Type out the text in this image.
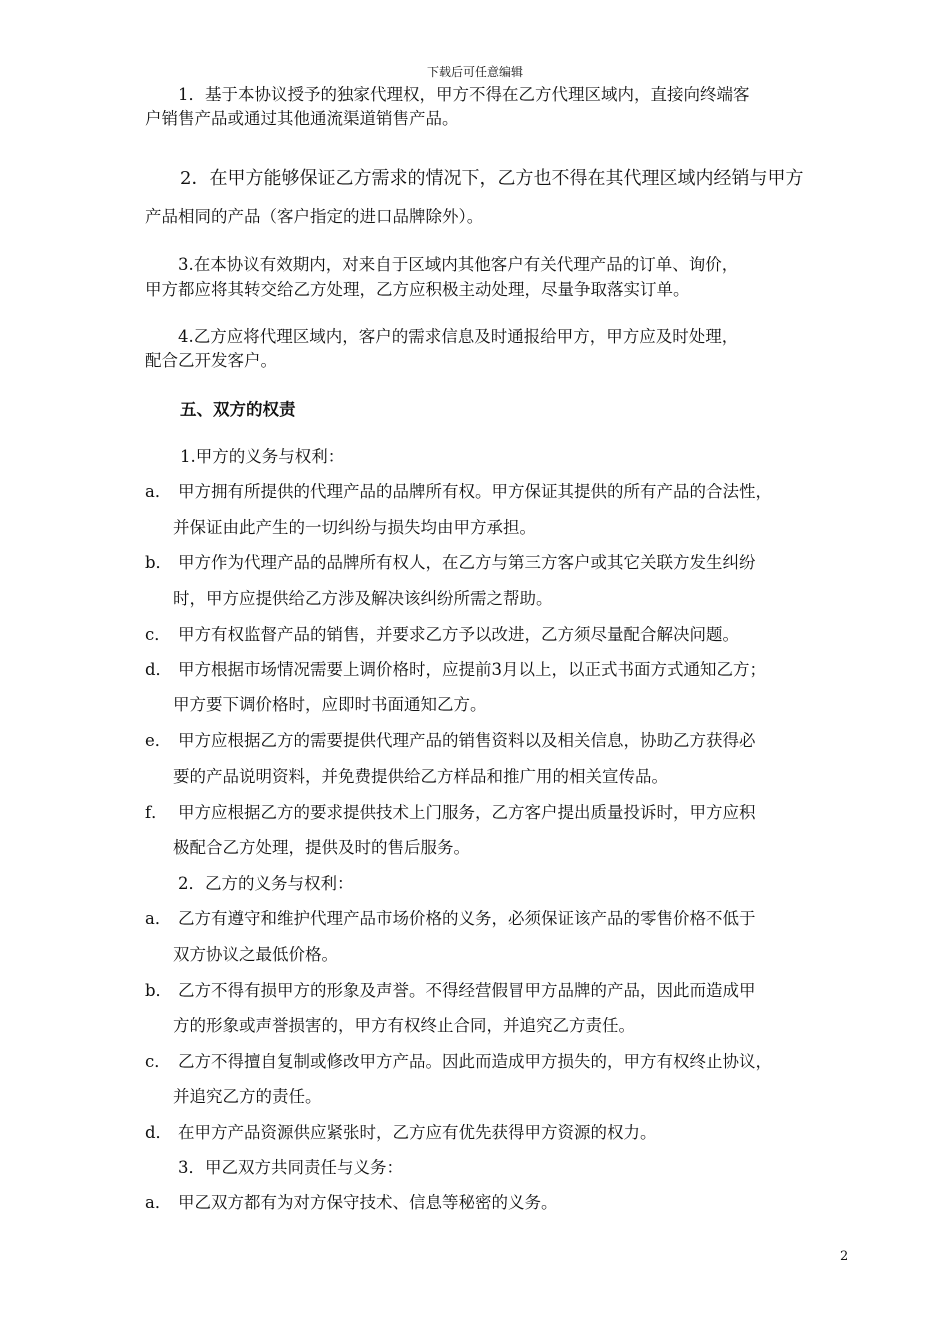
下载后可任意编辑
1．基于本协议授予的独家代理权，甲方不得在乙方代理区域内，直接向终端客
户销售产品或通过其他通流渠道销售产品。
2．在甲方能够保证乙方需求的情况下，乙方也不得在其代理区域内经销与甲方
产品相同的产品（客户指定的进口品牌除外）。
3.在本协议有效期内，对来自于区域内其他客户有关代理产品的订单、询价，
甲方都应将其转交给乙方处理，乙方应积极主动处理，尽量争取落实订单。
4.乙方应将代理区域内，客户的需求信息及时通报给甲方，甲方应及时处理，
配合乙开发客户。
五、双方的权责
1.甲方的义务与权利：
a． 甲方拥有所提供的代理产品的品牌所有权。甲方保证其提供的所有产品的合法性，
并保证由此产生的一切纠纷与损失均由甲方承担。
b． 甲方作为代理产品的品牌所有权人，在乙方与第三方客户或其它关联方发生纠纷
时，甲方应提供给乙方涉及解决该纠纷所需之帮助。
c． 甲方有权监督产品的销售，并要求乙方予以改进，乙方须尽量配合解决问题。
d． 甲方根据市场情况需要上调价格时，应提前3月以上，以正式书面方式通知乙方；
甲方要下调价格时，应即时书面通知乙方。
e． 甲方应根据乙方的需要提供代理产品的销售资料以及相关信息，协助乙方获得必
要的产品说明资料，并免费提供给乙方样品和推广用的相关宣传品。
f． 甲方应根据乙方的要求提供技术上门服务，乙方客户提出质量投诉时，甲方应积
极配合乙方处理，提供及时的售后服务。
2．乙方的义务与权利：
a． 乙方有遵守和维护代理产品市场价格的义务，必须保证该产品的零售价格不低于
双方协议之最低价格。
b． 乙方不得有损甲方的形象及声誉。不得经营假冒甲方品牌的产品，因此而造成甲
方的形象或声誉损害的，甲方有权终止合同，并追究乙方责任。
c． 乙方不得擅自复制或修改甲方产品。因此而造成甲方损失的，甲方有权终止协议，
并追究乙方的责任。
d． 在甲方产品资源供应紧张时，乙方应有优先获得甲方资源的权力。
3．甲乙双方共同责任与义务：
a． 甲乙双方都有为对方保守技术、信息等秘密的义务。
2
